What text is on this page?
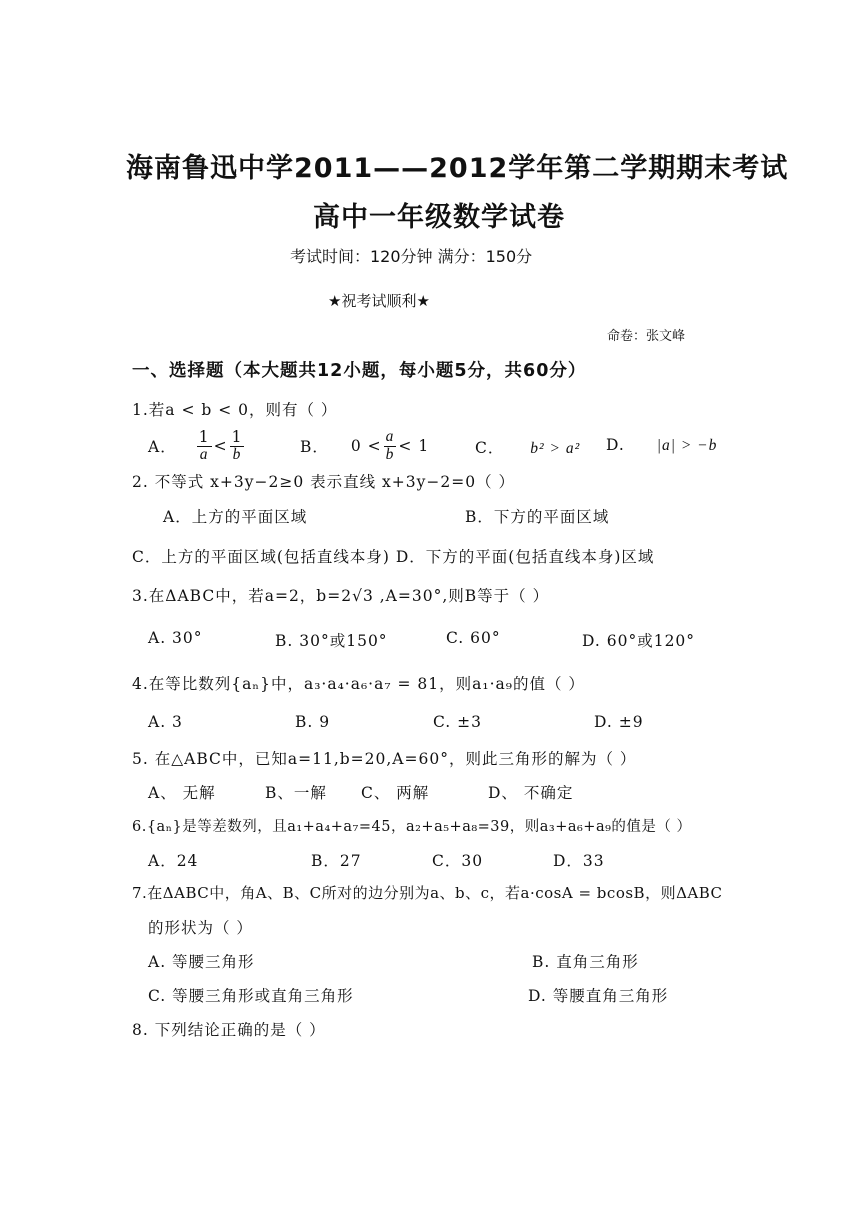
海南鲁迅中学2011——2012学年第二学期期末考试
高中一年级数学试卷
考试时间：120分钟 满分：150分
★祝考试顺利★
命卷：张文峰
一、选择题（本大题共12小题，每小题5分，共60分）
1.若a < b < 0，则有（ ）
A． $\frac{1}{a} < \frac{1}{b}$	B． $0 < \frac{a}{b} < 1$	C． b² > a² D. |a| > −b
2. 不等式 x+3y−2≥0 表示直线 x+3y−2=0（ ）
A．上方的平面区域	B．下方的平面区域
C．上方的平面区域(包括直线本身) D．下方的平面(包括直线本身)区域
3.在ΔABC中，若a=2，b=2√3 ,A=30°,则B等于（ ）
A. 30°	B. 30°或150°	C. 60°	D. 60°或120°
4.在等比数列{aₙ}中，a₃·a₄·a₆·a₇ = 81，则a₁·a₉的值（ ）
A. 3	B. 9	C. ±3	D. ±9
5. 在△ABC中，已知a=11,b=20,A=60°，则此三角形的解为（ ）
A、 无解	B、一解 C、 两解	D、 不确定
6.{aₙ}是等差数列，且a₁+a₄+a₇=45，a₂+a₅+a₈=39，则a₃+a₆+a₉的值是（ ）
A．24	B．27	C．30	D．33
7.在ΔABC中，角A、B、C所对的边分别为a、b、c，若a·cosA = bcosB，则ΔABC
的形状为（ ）
A. 等腰三角形	B. 直角三角形
C. 等腰三角形或直角三角形	D. 等腰直角三角形
8. 下列结论正确的是（ ）
